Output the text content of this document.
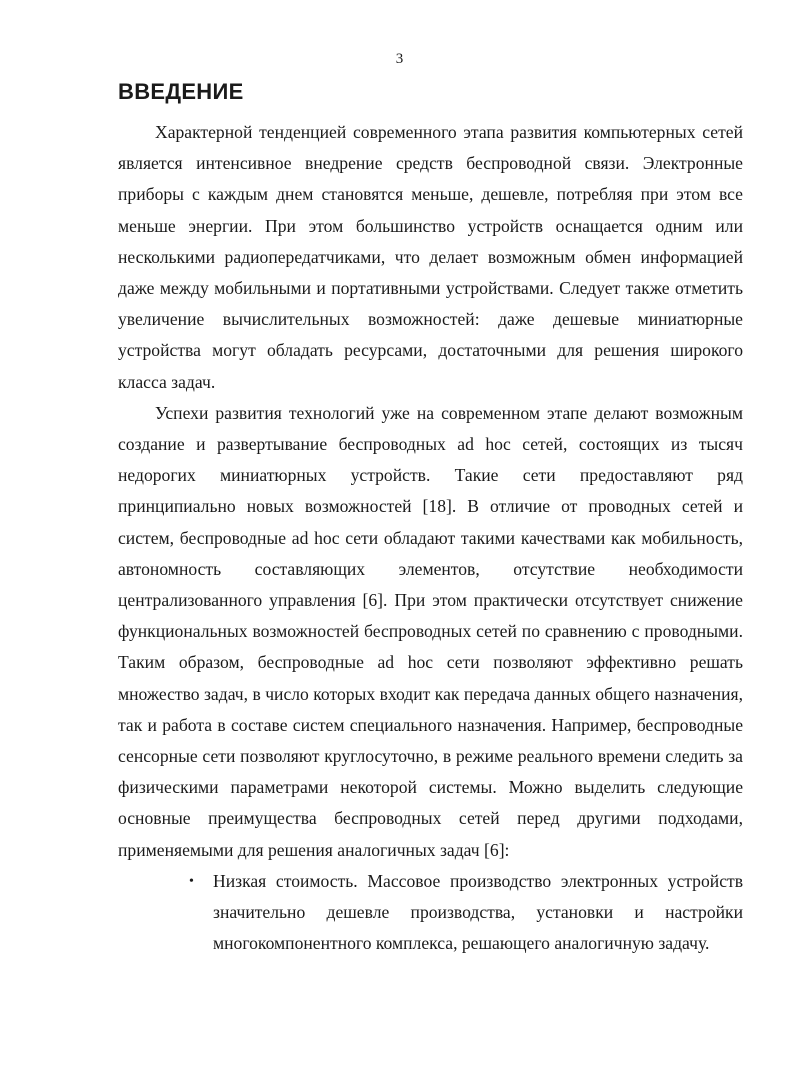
3
ВВЕДЕНИЕ

Характерной тенденцией современного этапа развития компьютерных сетей является интенсивное внедрение средств беспроводной связи. Электронные приборы с каждым днем становятся меньше, дешевле, потребляя при этом все меньше энергии. При этом большинство устройств оснащается одним или несколькими радиопередатчиками, что делает возможным обмен информацией даже между мобильными и портативными устройствами. Следует также отметить увеличение вычислительных возможностей: даже дешевые миниатюрные устройства могут обладать ресурсами, достаточными для решения широкого класса задач.

Успехи развития технологий уже на современном этапе делают возможным создание и развертывание беспроводных ad hoc сетей, состоящих из тысяч недорогих миниатюрных устройств. Такие сети предоставляют ряд принципиально новых возможностей [18]. В отличие от проводных сетей и систем, беспроводные ad hoc сети обладают такими качествами как мобильность, автономность составляющих элементов, отсутствие необходимости централизованного управления [6]. При этом практически отсутствует снижение функциональных возможностей беспроводных сетей по сравнению с проводными. Таким образом, беспроводные ad hoc сети позволяют эффективно решать множество задач, в число которых входит как передача данных общего назначения, так и работа в составе систем специального назначения. Например, беспроводные сенсорные сети позволяют круглосуточно, в режиме реального времени следить за физическими параметрами некоторой системы. Можно выделить следующие основные преимущества беспроводных сетей перед другими подходами, применяемыми для решения аналогичных задач [6]:

• Низкая стоимость. Массовое производство электронных устройств значительно дешевле производства, установки и настройки многокомпонентного комплекса, решающего аналогичную задачу.
